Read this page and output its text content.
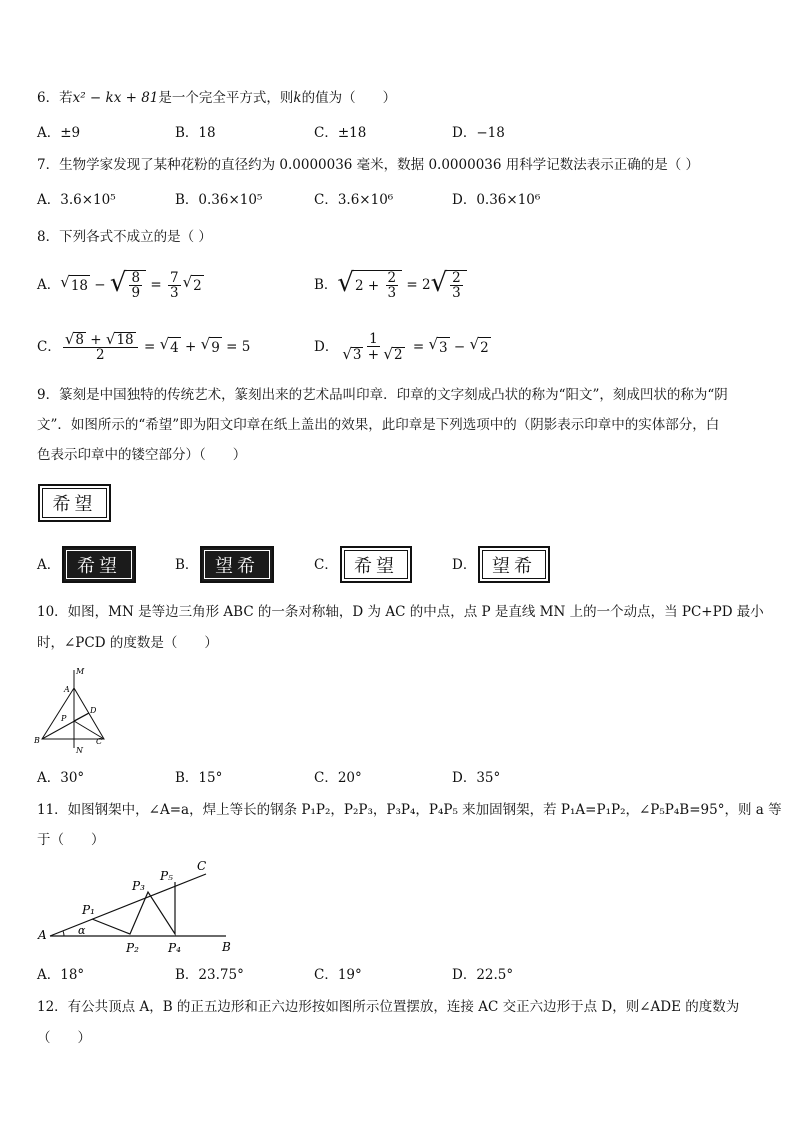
6．若x² − kx + 81是一个完全平方式，则k的值为（　　）
A．±9	B．18	C．±18	D．−18
7．生物学家发现了某种花粉的直径约为 0.0000036 毫米，数据 0.0000036 用科学记数法表示正确的是（ ）
A．3.6×10⁵	B．0.36×10⁵	C．3.6×10⁶	D．0.36×10⁶
8．下列各式不成立的是（ ）
A． √ 18 − √ $\frac{8}{9} = \frac{7}{3}$ √ 2	B． √ $2 + \frac{2}{3} = 2$ √ $\frac{2}{3}$
C． $\frac{√ 8 + √ 18}{2}$ = √ 4 + √ 9 = 5	D． $\frac{1}{√ 3 + √ 2}$ = √ 3 − √ 2
9．篆刻是中国独特的传统艺术，篆刻出来的艺术品叫印章．印章的文字刻成凸状的称为“阳文”，刻成凹状的称为“阴
文”．如图所示的“希望”即为阳文印章在纸上盖出的效果，此印章是下列选项中的（阴影表示印章中的实体部分，白
色表示印章中的镂空部分）（　　）
希望
A． 希望	B． 望希	C． 希望	D． 望希
10．如图，MN 是等边三角形 ABC 的一条对称轴，D 为 AC 的中点，点 P 是直线 MN 上的一个动点，当 PC+PD 最小
时，∠PCD 的度数是（　　）
M
A
P
D
B
N
C
A．30°	B．15°	C．20°	D．35°
11．如图钢架中，∠A=a，焊上等长的钢条 P₁P₂，P₂P₃，P₃P₄，P₄P₅ 来加固钢架，若 P₁A=P₁P₂，∠P₅P₄B=95°，则 a 等
于（　　）
A
B
C
α
P₁
P₂
P₃
P₄
P₅
A．18°	B．23.75°	C．19°	D．22.5°
12．有公共顶点 A，B 的正五边形和正六边形按如图所示位置摆放，连接 AC 交正六边形于点 D，则∠ADE 的度数为
（　　）
